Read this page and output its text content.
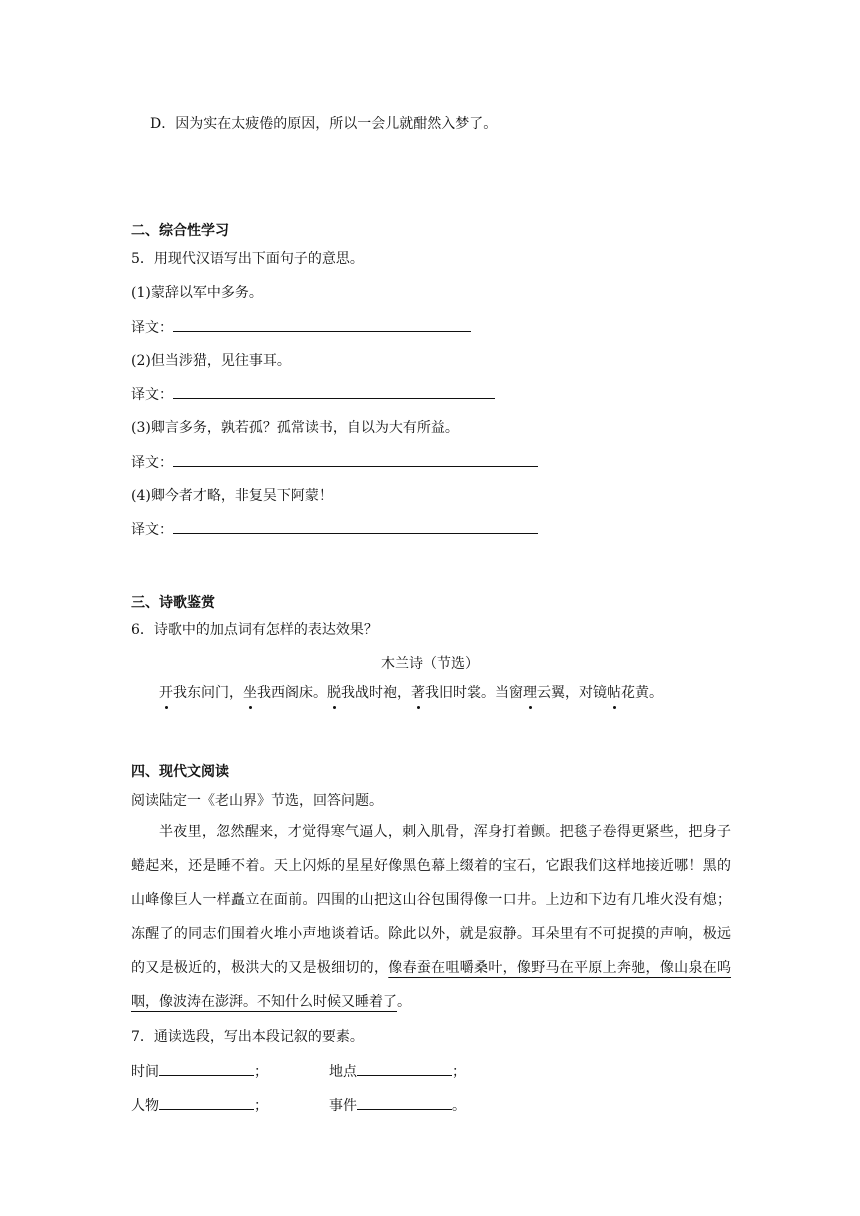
D．因为实在太疲倦的原因，所以一会儿就酣然入梦了。
二、综合性学习
5．用现代汉语写出下面句子的意思。
(1)蒙辞以军中多务。
译文：
(2)但当涉猎，见往事耳。
译文：
(3)卿言多务，孰若孤？孤常读书，自以为大有所益。
译文：
(4)卿今者才略，非复吴下阿蒙！
译文：
三、诗歌鉴赏
6．诗歌中的加点词有怎样的表达效果？
木兰诗（节选）
开我东问门，坐我西阁床。脱我战时袍，著我旧时裳。当窗理云翼，对镜帖花黄。
四、现代文阅读
阅读陆定一《老山界》节选，回答问题。

半夜里，忽然醒来，才觉得寒气逼人，刺入肌骨，浑身打着颤。把毯子卷得更紧些，把身子蜷起来，还是睡不着。天上闪烁的星星好像黑色幕上缀着的宝石，它跟我们这样地接近哪！黑的山峰像巨人一样矗立在面前。四围的山把这山谷包围得像一口井。上边和下边有几堆火没有熄；冻醒了的同志们围着火堆小声地谈着话。除此以外，就是寂静。耳朵里有不可捉摸的声响，极远的又是极近的，极洪大的又是极细切的，像春蚕在咀嚼桑叶，像野马在平原上奔驰，像山泉在呜咽，像波涛在澎湃。不知什么时候又睡着了。

7．通读选段，写出本段记叙的要素。
时间	；	地点	；
人物	；	事件	。
